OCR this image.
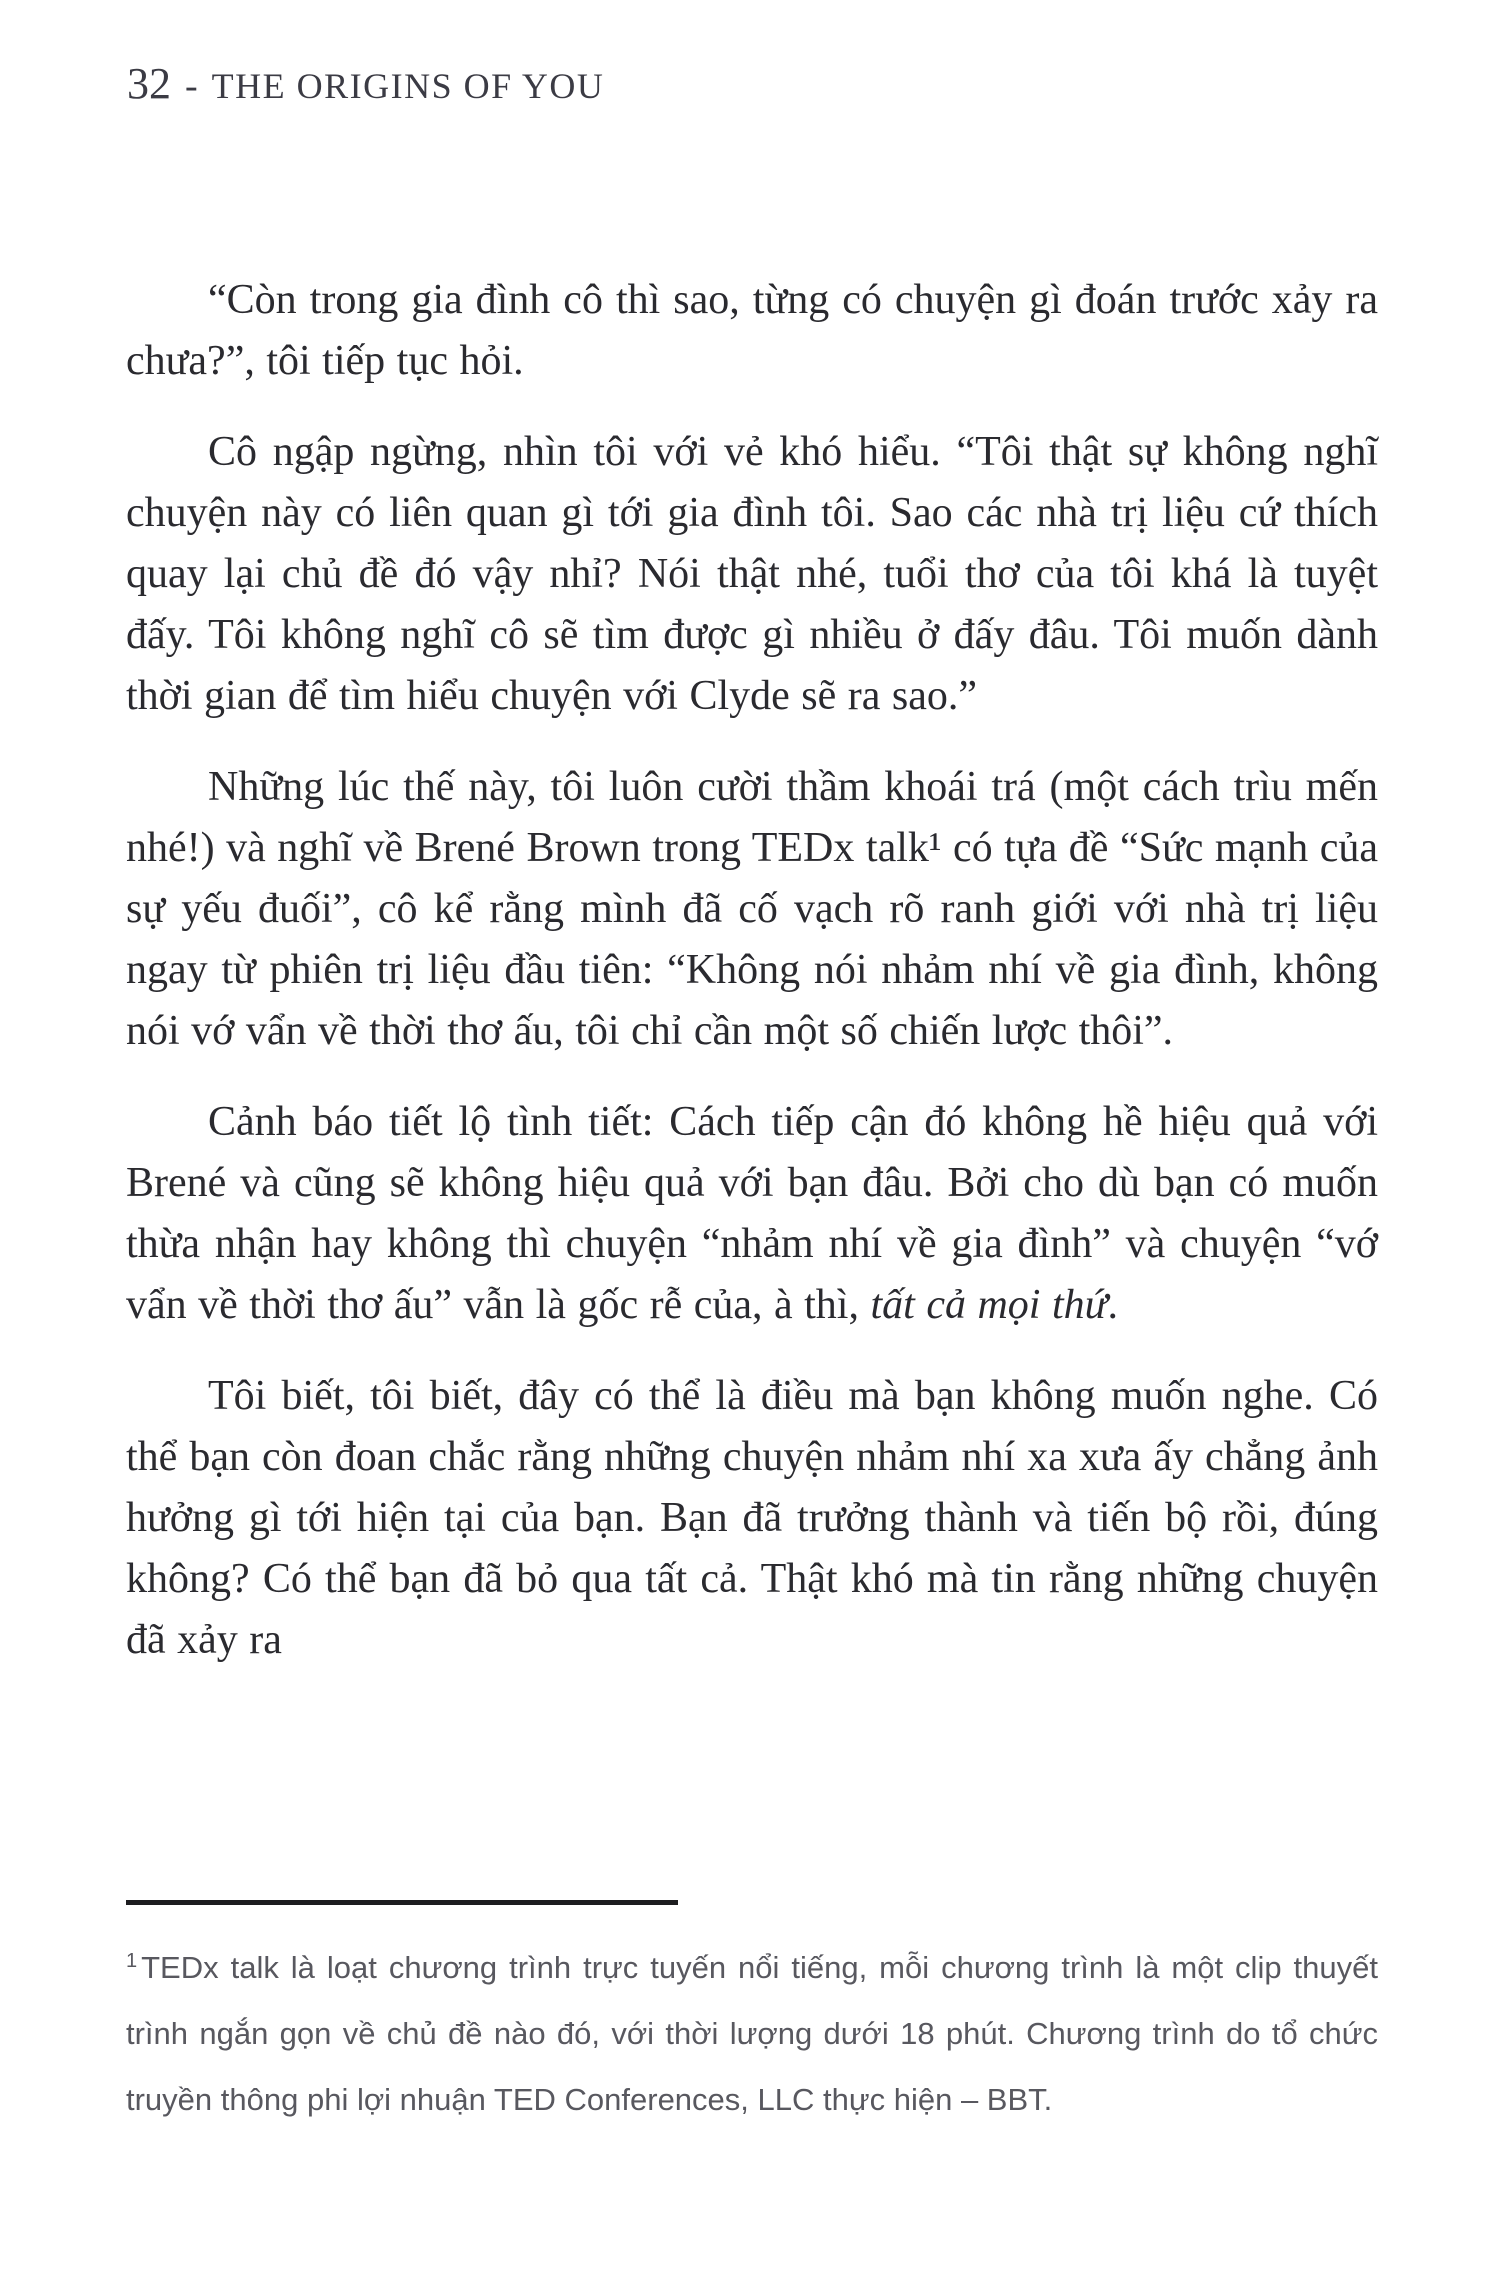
32 - THE ORIGINS OF YOU

“Còn trong gia đình cô thì sao, từng có chuyện gì đoán trước xảy ra chưa?”, tôi tiếp tục hỏi.

Cô ngập ngừng, nhìn tôi với vẻ khó hiểu. “Tôi thật sự không nghĩ chuyện này có liên quan gì tới gia đình tôi. Sao các nhà trị liệu cứ thích quay lại chủ đề đó vậy nhỉ? Nói thật nhé, tuổi thơ của tôi khá là tuyệt đấy. Tôi không nghĩ cô sẽ tìm được gì nhiều ở đấy đâu. Tôi muốn dành thời gian để tìm hiểu chuyện với Clyde sẽ ra sao.”

Những lúc thế này, tôi luôn cười thầm khoái trá (một cách trìu mến nhé!) và nghĩ về Brené Brown trong TEDx talk¹ có tựa đề “Sức mạnh của sự yếu đuối”, cô kể rằng mình đã cố vạch rõ ranh giới với nhà trị liệu ngay từ phiên trị liệu đầu tiên: “Không nói nhảm nhí về gia đình, không nói vớ vẩn về thời thơ ấu, tôi chỉ cần một số chiến lược thôi”.

Cảnh báo tiết lộ tình tiết: Cách tiếp cận đó không hề hiệu quả với Brené và cũng sẽ không hiệu quả với bạn đâu. Bởi cho dù bạn có muốn thừa nhận hay không thì chuyện “nhảm nhí về gia đình” và chuyện “vớ vẩn về thời thơ ấu” vẫn là gốc rễ của, à thì, tất cả mọi thứ.

Tôi biết, tôi biết, đây có thể là điều mà bạn không muốn nghe. Có thể bạn còn đoan chắc rằng những chuyện nhảm nhí xa xưa ấy chẳng ảnh hưởng gì tới hiện tại của bạn. Bạn đã trưởng thành và tiến bộ rồi, đúng không? Có thể bạn đã bỏ qua tất cả. Thật khó mà tin rằng những chuyện đã xảy ra

$^1$ TEDx talk là loạt chương trình trực tuyến nổi tiếng, mỗi chương trình là một clip thuyết trình ngắn gọn về chủ đề nào đó, với thời lượng dưới 18 phút. Chương trình do tổ chức truyền thông phi lợi nhuận TED Conferences, LLC thực hiện – BBT.
